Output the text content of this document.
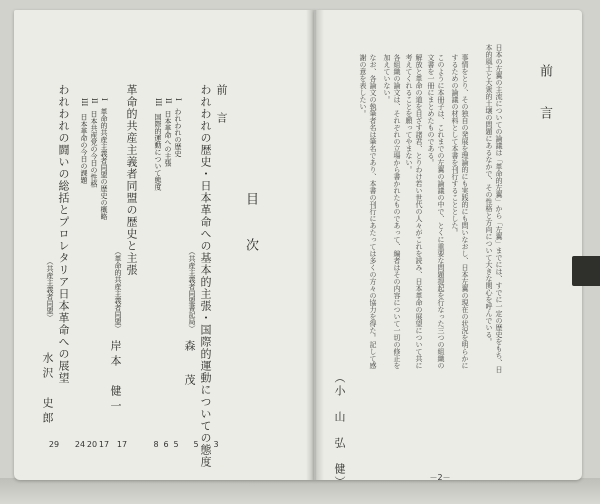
目　次
前　言
3
われわれの歴史・日本革命への基本的主張・国際的運動についての態度
（共産主義者同盟書記局）
森　茂
5
I　われわれの歴史
II　日本革命への主張
III　国際的運動について態度
5
6
8
革命的共産主義者同盟の歴史と主張
（革命的共産主義者同盟）
岸本　健一
17
I　革命的共産主義者同盟の歴史の概略
II　日本共産党の今日の性格
III　日本革命の今日の課題
17
20
24
われわれの闘いの総括とプロレタリア日本革命への展望
（共産主義者同盟）
水沢　史郎
29
前　言
日本の左翼の主流についての論議は「革命的左翼」から「左翼」までには、すでに一定の歴史をもち、日本的風土と大衆的土壌の問題にあるなかで、その性格と方向について大きな関心を呼んでいる。
事情をとり、その独自の発展を理論的にも実践的にも問いなおし、日本左翼の現在の状況を明らかにするための論議の材料として本書を刊行することとした。
このように本冊子は、これまでの左翼の論議の中で、とくに重要な問題提起を行なった三つの組織の文書を一冊にまとめたものである。
解放と革命の道を目ざす諸君、とりわけ若い世代の人々がこれを読み、日本革命の展望について共に考えてくれることを願ってやまない。
各組織の論文は、それぞれの立場から書かれたものであって、編者はその内容について一切の修正を加えていない。
なお、各論文の執筆者名は筆名であり、本書の刊行にあたっては多くの方々の協力を得た。記して感謝の意を表したい。
（小　山　弘　健）	－2－
